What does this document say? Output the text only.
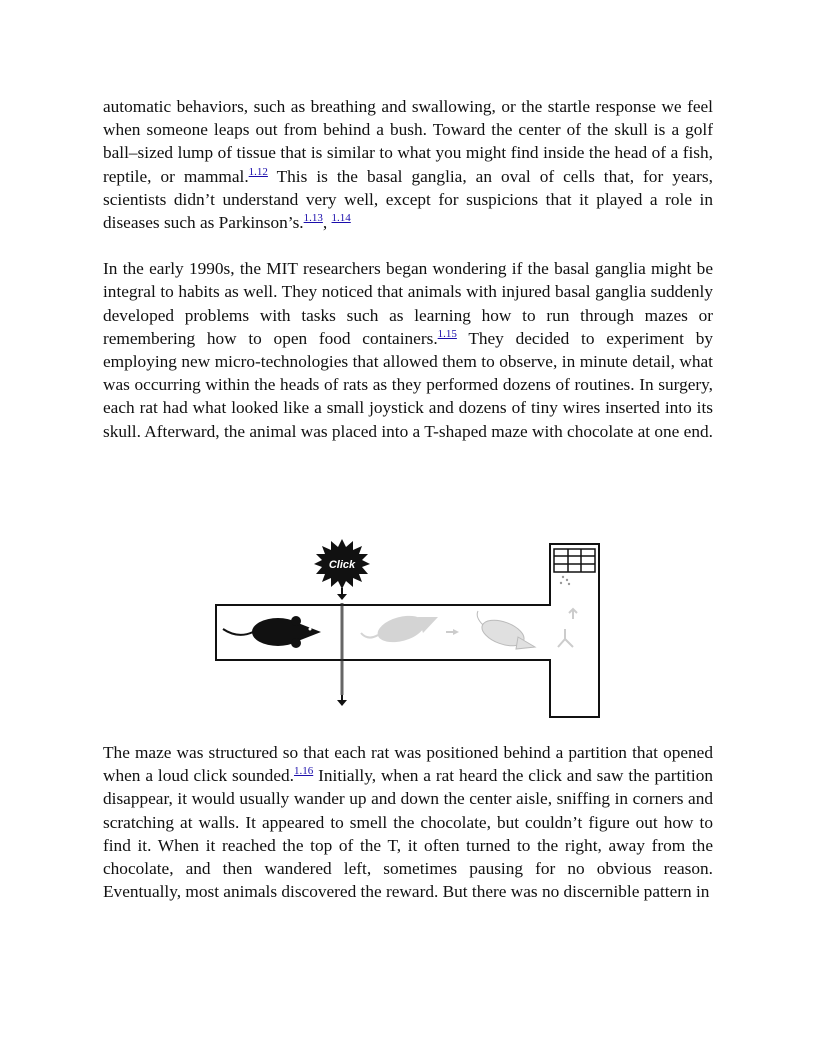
automatic behaviors, such as breathing and swallowing, or the startle response we feel when someone leaps out from behind a bush. Toward the center of the skull is a golf ball–sized lump of tissue that is similar to what you might find inside the head of a fish, reptile, or mammal.$^{1.12}$ This is the basal ganglia, an oval of cells that, for years, scientists didn’t understand very well, except for suspicions that it played a role in diseases such as Parkinson’s.$^{1.13}$, $^{1.14}$

In the early 1990s, the MIT researchers began wondering if the basal ganglia might be integral to habits as well. They noticed that animals with injured basal ganglia suddenly developed problems with tasks such as learning how to run through mazes or remembering how to open food containers.$^{1.15}$ They decided to experiment by employing new micro-technologies that allowed them to observe, in minute detail, what was occurring within the heads of rats as they performed dozens of routines. In surgery, each rat had what looked like a small joystick and dozens of tiny wires inserted into its skull. Afterward, the animal was placed into a T-shaped maze with chocolate at one end.

Click

The maze was structured so that each rat was positioned behind a partition that opened when a loud click sounded.$^{1.16}$ Initially, when a rat heard the click and saw the partition disappear, it would usually wander up and down the center aisle, sniffing in corners and scratching at walls. It appeared to smell the chocolate, but couldn’t figure out how to find it. When it reached the top of the T, it often turned to the right, away from the chocolate, and then wandered left, sometimes pausing for no obvious reason. Eventually, most animals discovered the reward. But there was no discernible pattern in
